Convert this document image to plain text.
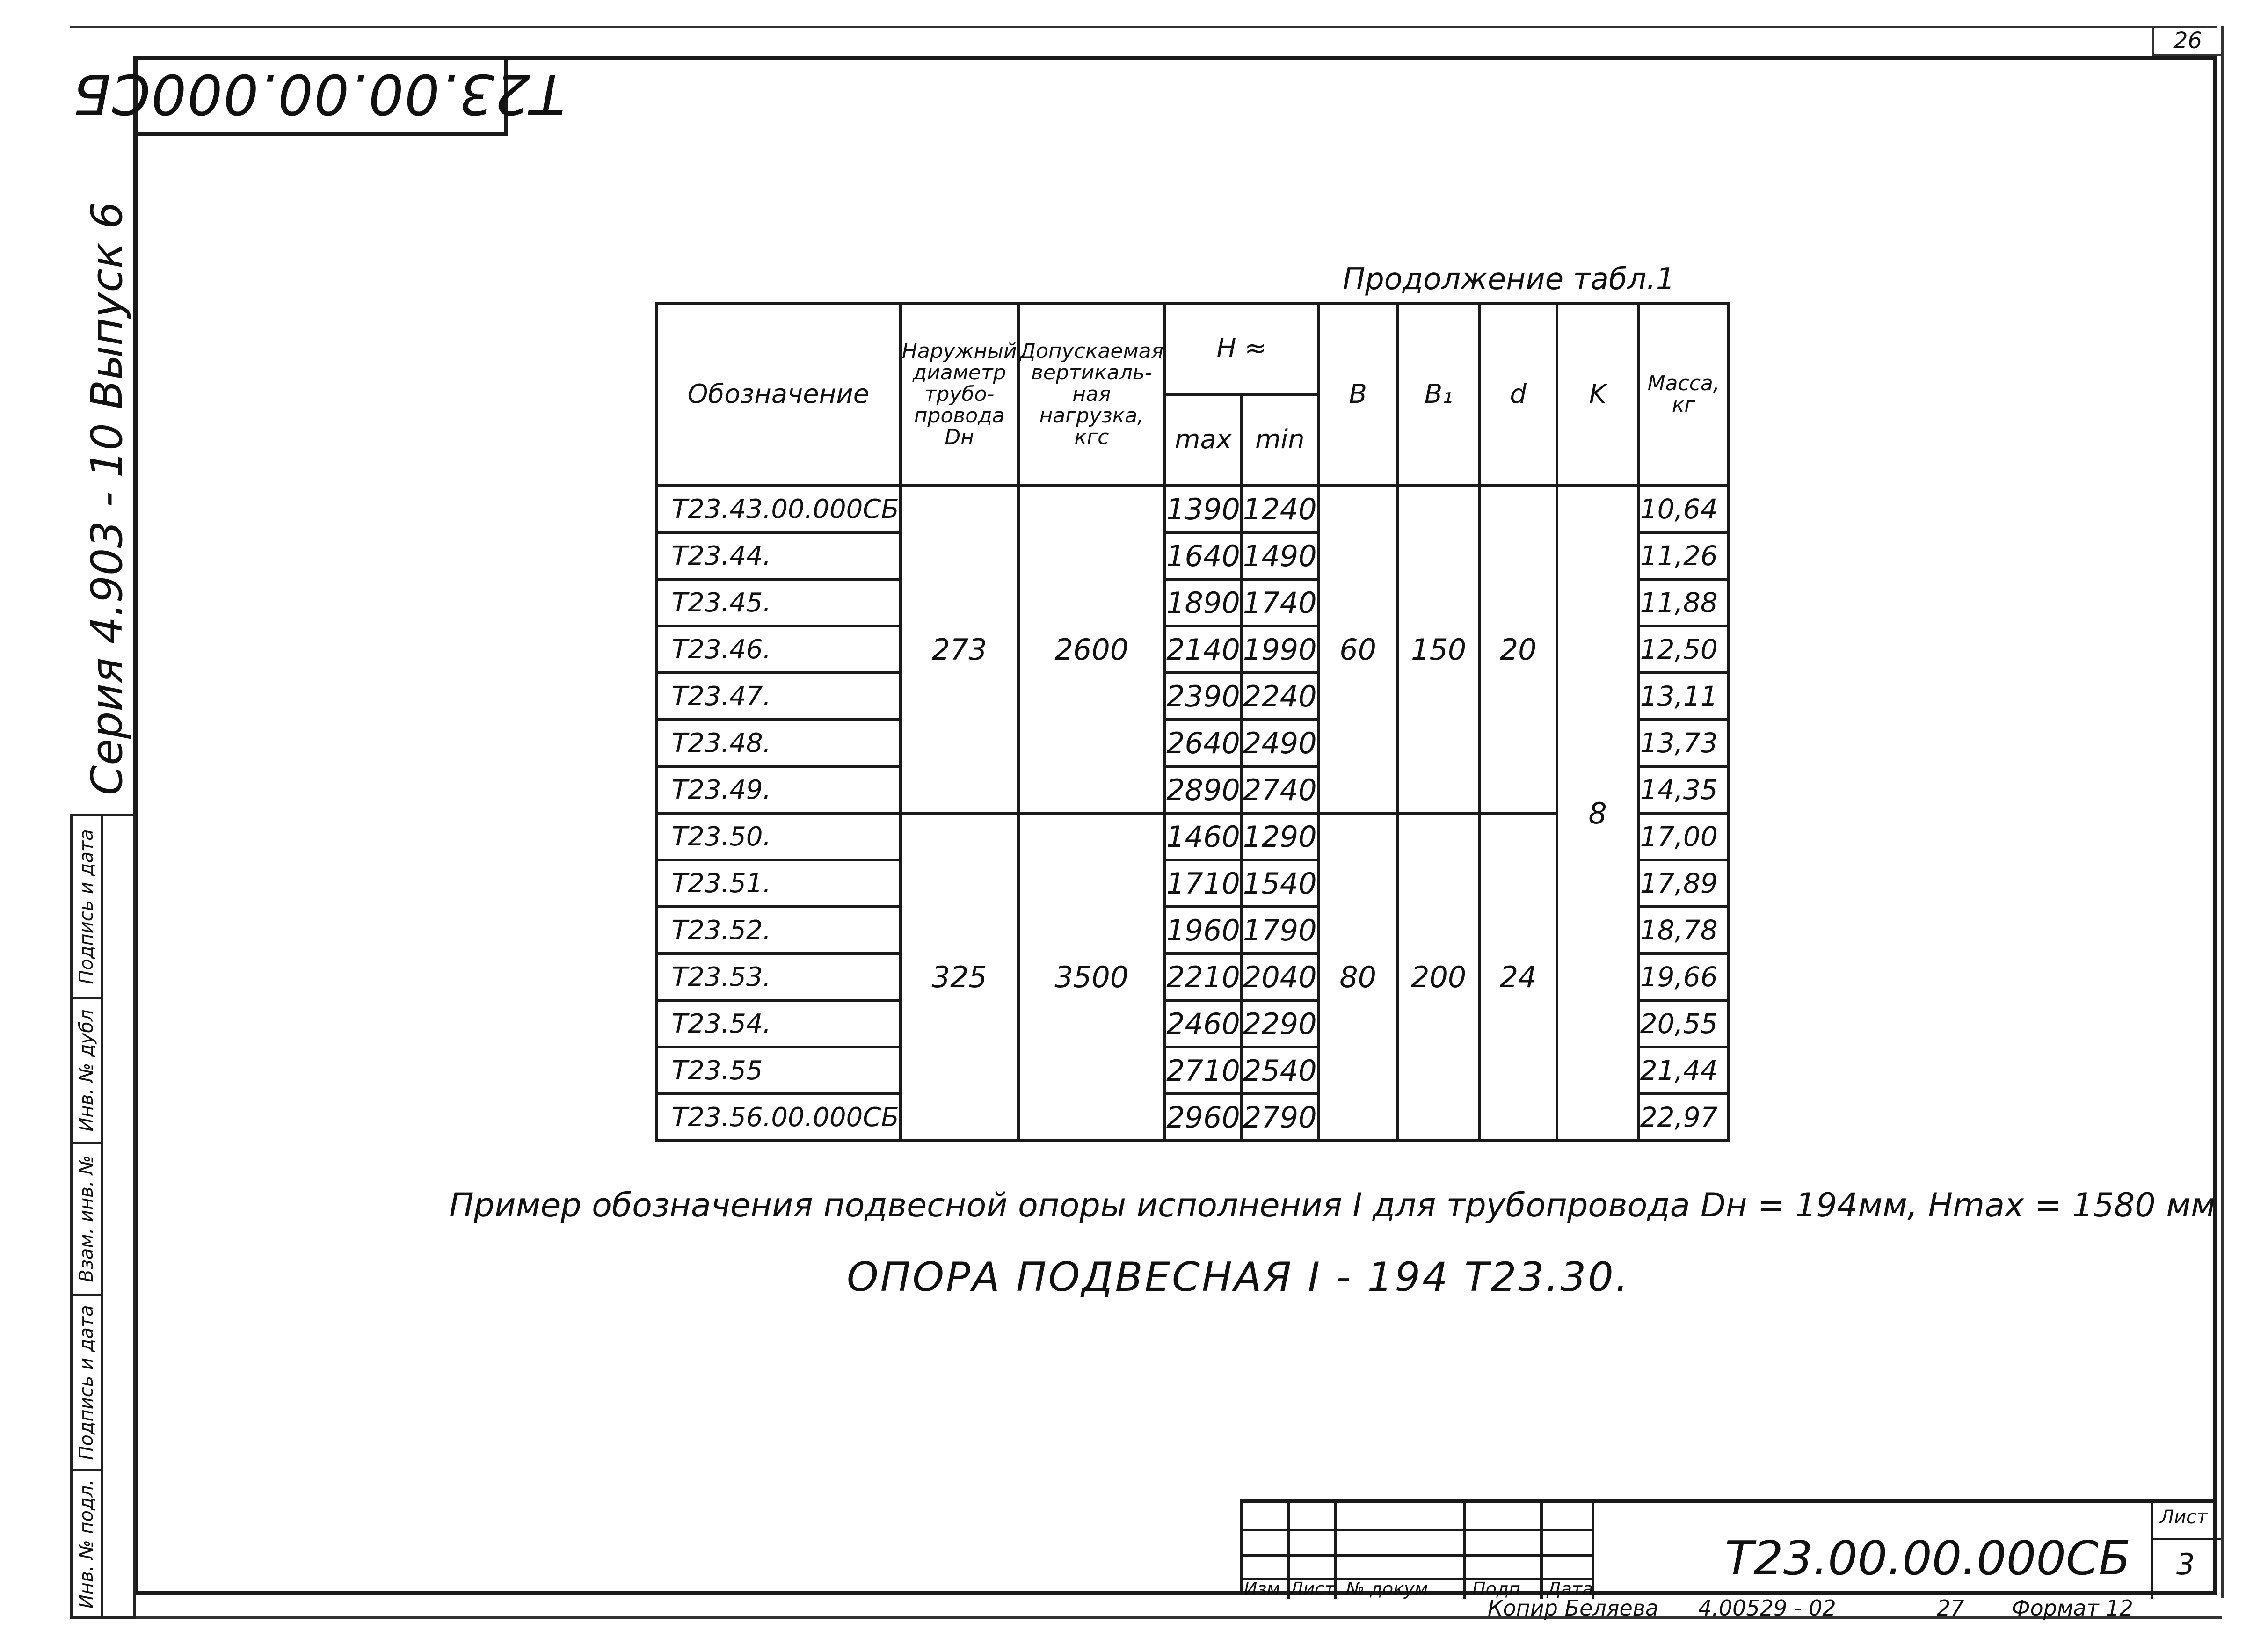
Т23.00.00.000СБ
26
Серия 4.903 - 10 Выпуск 6
Подпись и дата
Инв. № дубл
Взам. инв. №
Подпись и дата
Инв. № подл.
Продолжение табл.1
Обозначение	Наружный диаметр трубо- провода Dн	Допускаемая вертикаль- ная нагрузка, кгс	H ≈		B	B₁	d	K	Масса, кг
			max	min					
Т23.43.00.000СБ	273	2600	1390	1240	60	150	20	8	10,64
Т23.44.			1640	1490					11,26
Т23.45.			1890	1740					11,88
Т23.46.			2140	1990					12,50
Т23.47.			2390	2240					13,11
Т23.48.			2640	2490					13,73
Т23.49.			2890	2740					14,35
Т23.50.	325	3500	1460	1290	80	200	24		17,00
Т23.51.			1710	1540					17,89
Т23.52.			1960	1790					18,78
Т23.53.			2210	2040					19,66
Т23.54.			2460	2290					20,55
Т23.55			2710	2540					21,44
Т23.56.00.000СБ			2960	2790					22,97
Пример обозначения подвесной опоры исполнения I для трубопровода Dн = 194мм, Hmax = 1580 мм
ОПОРА ПОДВЕСНАЯ I - 194 Т23.30.
Изм Лист № докум Подп Дата
Т23.00.00.000СБ
Лист
3
Копир Беляева 4.00529 - 02	27 Формат 12
